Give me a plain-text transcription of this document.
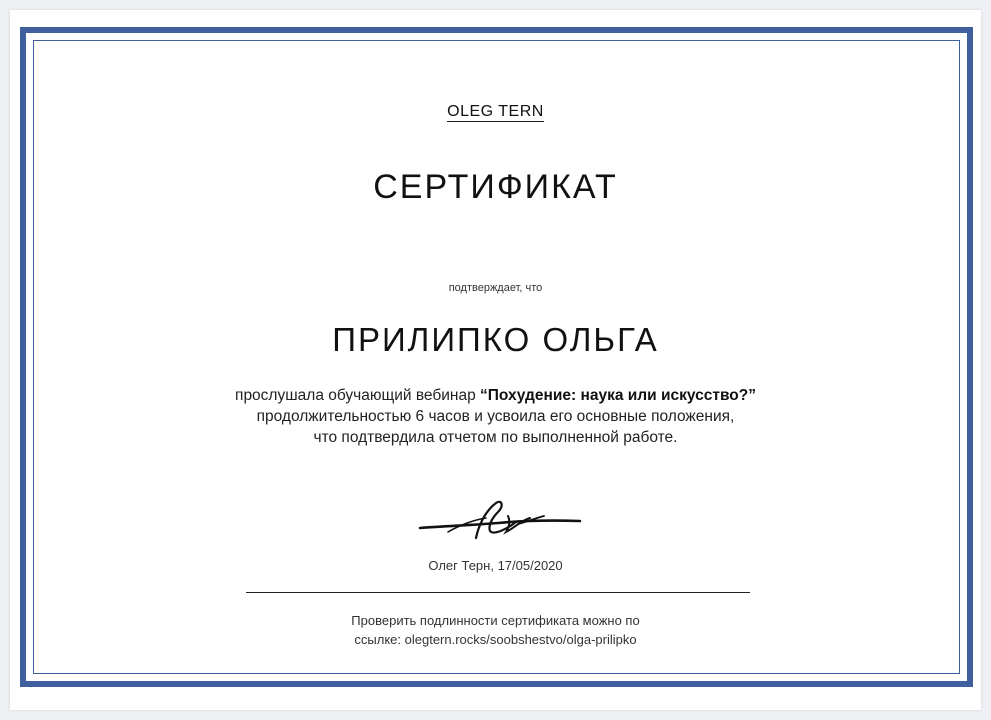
OLEG TERN
СЕРТИФИКАТ
подтверждает, что
ПРИЛИПКО ОЛЬГА
прослушала обучающий вебинар “Похудение: наука или искусство?”
продолжительностью 6 часов и усвоила его основные положения,
что подтвердила отчетом по выполненной работе.
Олег Терн, 17/05/2020
Проверить подлинности сертификата можно по
ссылке: olegtern.rocks/soobshestvo/olga-prilipko
